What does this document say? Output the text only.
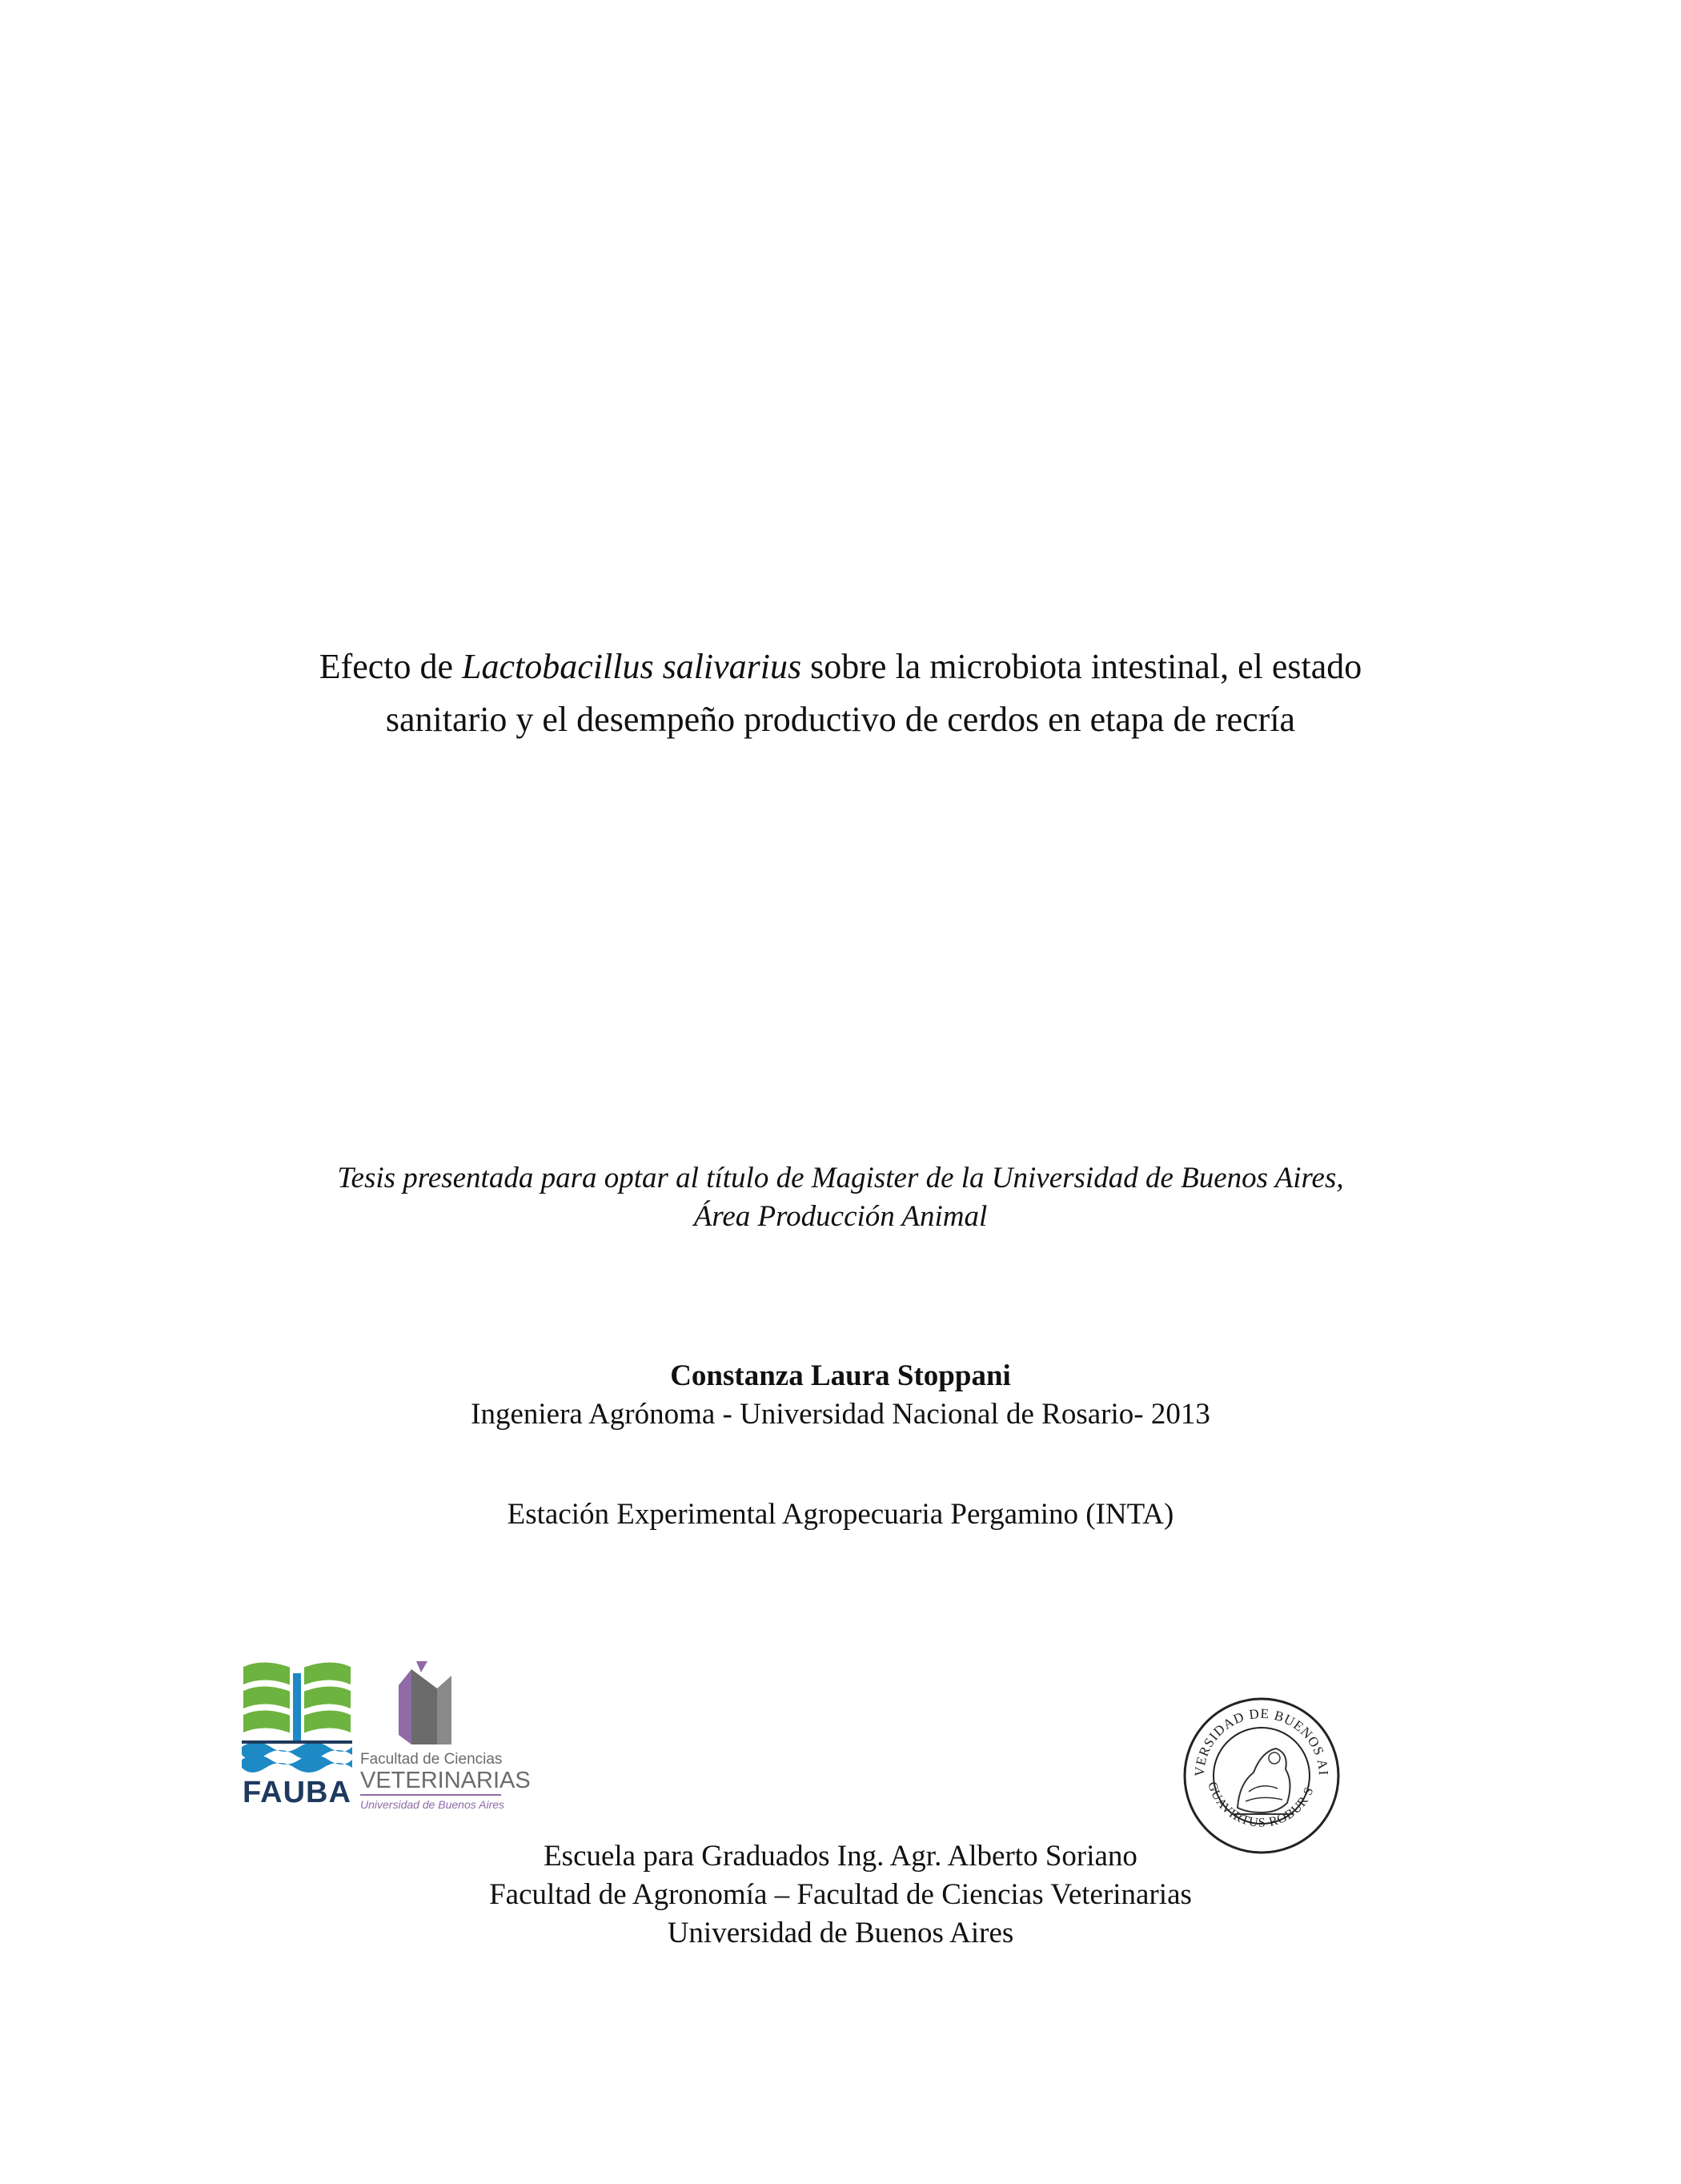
Efecto de Lactobacillus salivarius sobre la microbiota intestinal, el estado
sanitario y el desempeño productivo de cerdos en etapa de recría
Tesis presentada para optar al título de Magister de la Universidad de Buenos Aires,
Área Producción Animal
Constanza Laura Stoppani
Ingeniera Agrónoma - Universidad Nacional de Rosario- 2013
Estación Experimental Agropecuaria Pergamino (INTA)
FAUBA
Facultad de Ciencias
VETERINARIAS
Universidad de Buenos Aires
VERSIDAD DE BUENOS AI
GUAVIRTUS ROBUR S
Escuela para Graduados Ing. Agr. Alberto Soriano
Facultad de Agronomía – Facultad de Ciencias Veterinarias
Universidad de Buenos Aires
